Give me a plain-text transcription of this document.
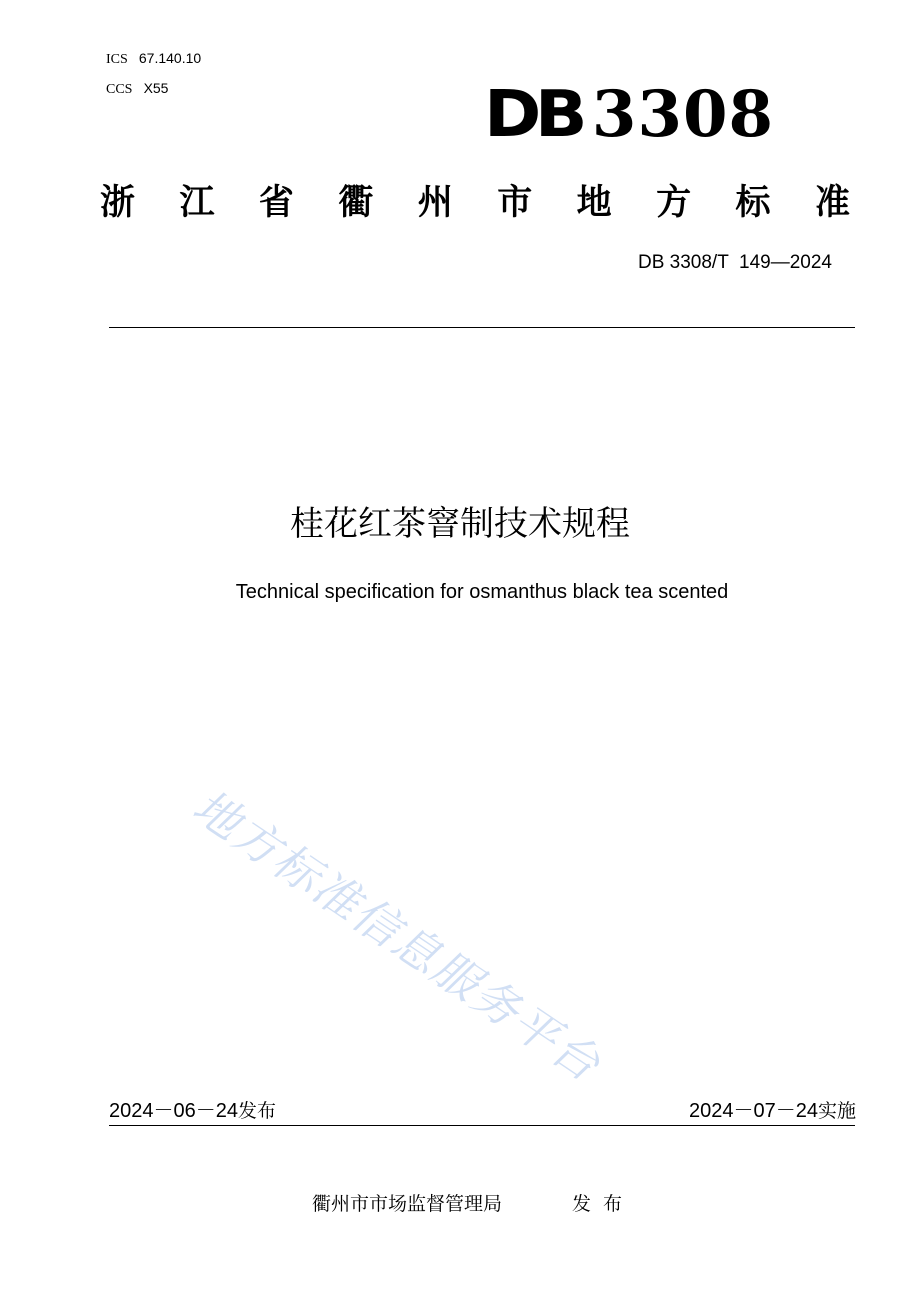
ICS 67.140.10
CCS X55	DB 3308
浙 江 省 衢 州 市 地 方 标 准
DB 3308/T  149—2024
桂花红茶窨制技术规程
Technical specification for osmanthus black tea scented
地方标准信息服务平台
2024－06－24发布	2024－07－24实施
衢州市市场监督管理局	发布
